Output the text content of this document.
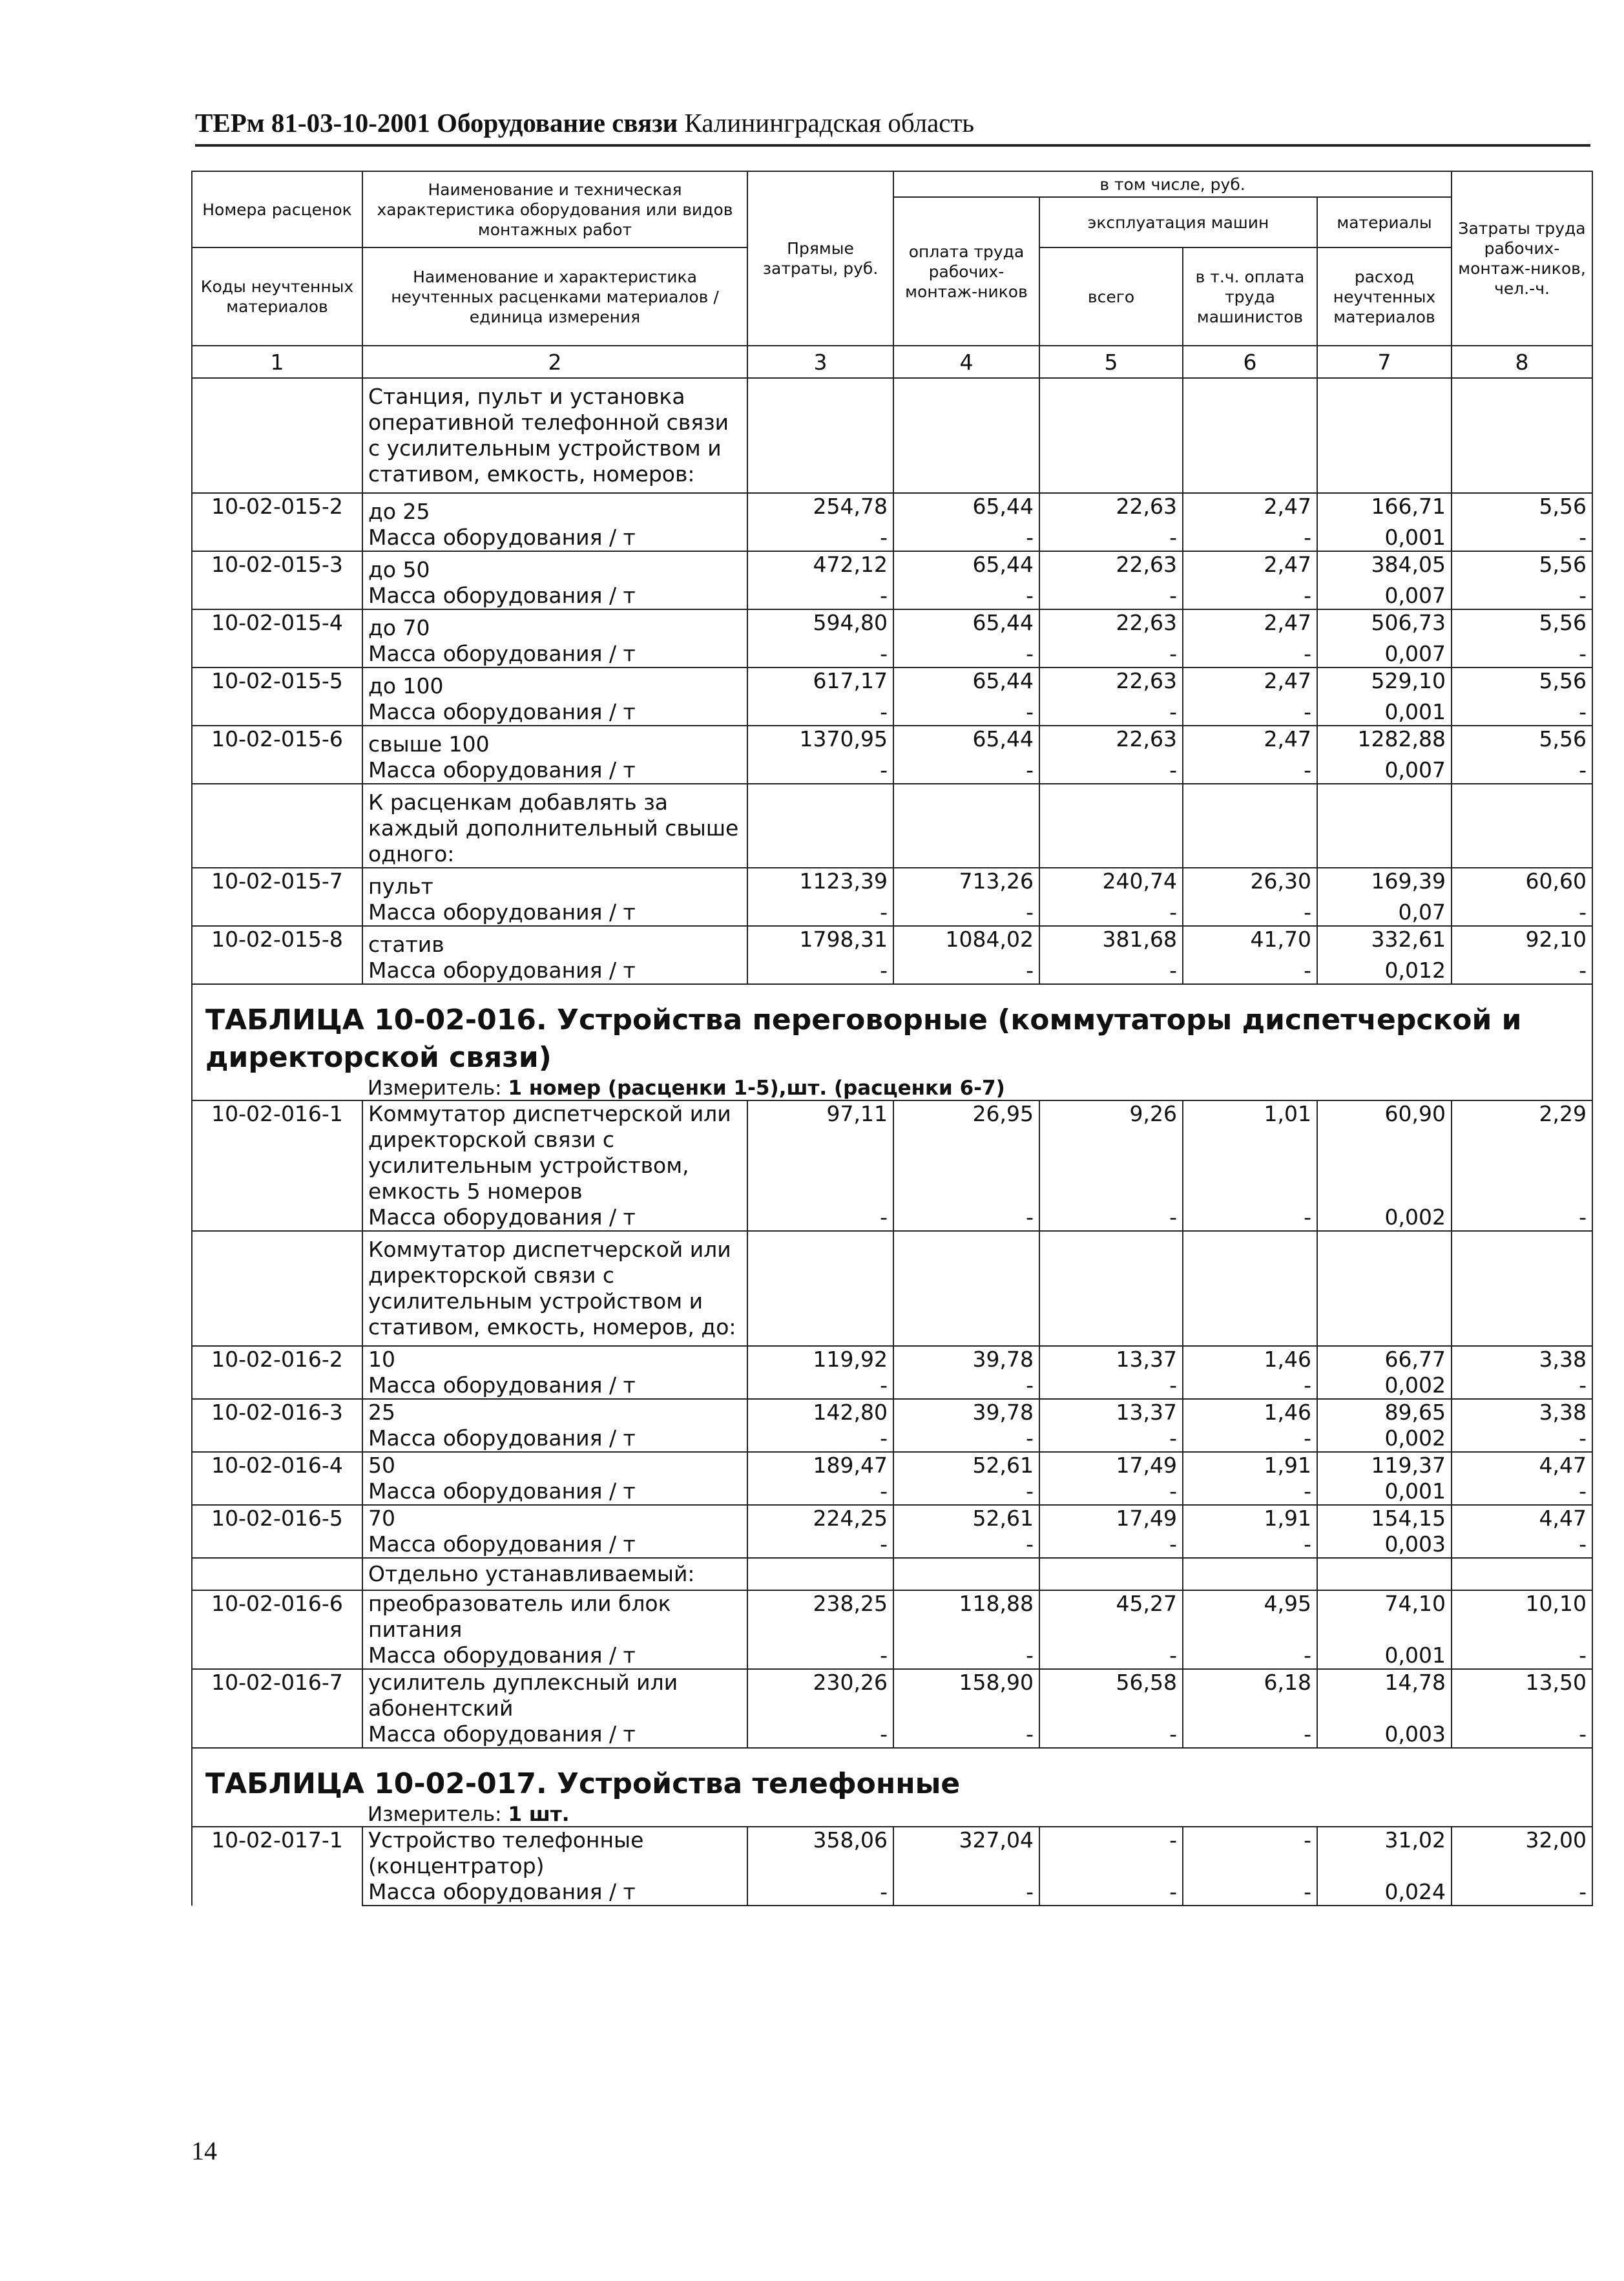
ТЕРм 81-03-10-2001 Оборудование связи Калининградская область
Номера расценок	Наименование и техническая характеристика оборудования или видов монтажных работ	Прямые затраты, руб.	в том числе, руб.				Затраты труда рабочих-монтаж-ников, чел.-ч.
			оплата труда рабочих-монтаж-ников	эксплуатация машин		материалы	
Коды неучтенных материалов	Наименование и характеристика неучтенных расценками материалов / единица измерения			всего	в т.ч. оплата труда машинистов	расход неучтенных материалов	

1	2	3	4	5	6	7	8
	Станция, пульт и установка оперативной телефонной связи с усилительным устройством и стативом, емкость, номеров:						
10-02-015-2	до 25	254,78	65,44	22,63	2,47	166,71	5,56
	Масса оборудования / т	-	-	-	-	0,001	-
10-02-015-3	до 50	472,12	65,44	22,63	2,47	384,05	5,56
	Масса оборудования / т	-	-	-	-	0,007	-
10-02-015-4	до 70	594,80	65,44	22,63	2,47	506,73	5,56
	Масса оборудования / т	-	-	-	-	0,007	-
10-02-015-5	до 100	617,17	65,44	22,63	2,47	529,10	5,56
	Масса оборудования / т	-	-	-	-	0,001	-
10-02-015-6	свыше 100	1370,95	65,44	22,63	2,47	1282,88	5,56
	Масса оборудования / т	-	-	-	-	0,007	-
	К расценкам добавлять за каждый дополнительный свыше одного:						
10-02-015-7	пульт	1123,39	713,26	240,74	26,30	169,39	60,60
	Масса оборудования / т	-	-	-	-	0,07	-
10-02-015-8	статив	1798,31	1084,02	381,68	41,70	332,61	92,10
	Масса оборудования / т	-	-	-	-	0,012	-
ТАБЛИЦА 10-02-016. Устройства переговорные (коммутаторы диспетчерской и директорской связи)							
	Измеритель: 1 номер (расценки 1-5),шт. (расценки 6-7)						
10-02-016-1	Коммутатор диспетчерской или директорской связи с усилительным устройством, емкость 5 номеров	97,11	26,95	9,26	1,01	60,90	2,29
	Масса оборудования / т	-	-	-	-	0,002	-
	Коммутатор диспетчерской или директорской связи с усилительным устройством и стативом, емкость, номеров, до:						
10-02-016-2	10	119,92	39,78	13,37	1,46	66,77	3,38
	Масса оборудования / т	-	-	-	-	0,002	-
10-02-016-3	25	142,80	39,78	13,37	1,46	89,65	3,38
	Масса оборудования / т	-	-	-	-	0,002	-
10-02-016-4	50	189,47	52,61	17,49	1,91	119,37	4,47
	Масса оборудования / т	-	-	-	-	0,001	-
10-02-016-5	70	224,25	52,61	17,49	1,91	154,15	4,47
	Масса оборудования / т	-	-	-	-	0,003	-
	Отдельно устанавливаемый:						
10-02-016-6	преобразователь или блок питания	238,25	118,88	45,27	4,95	74,10	10,10
	Масса оборудования / т	-	-	-	-	0,001	-
10-02-016-7	усилитель дуплексный или абонентский	230,26	158,90	56,58	6,18	14,78	13,50
	Масса оборудования / т	-	-	-	-	0,003	-
ТАБЛИЦА 10-02-017. Устройства телефонные							
	Измеритель: 1 шт.						
10-02-017-1	Устройство телефонные (концентратор)	358,06	327,04	-	-	31,02	32,00
	Масса оборудования / т	-	-	-	-	0,024	-
14
